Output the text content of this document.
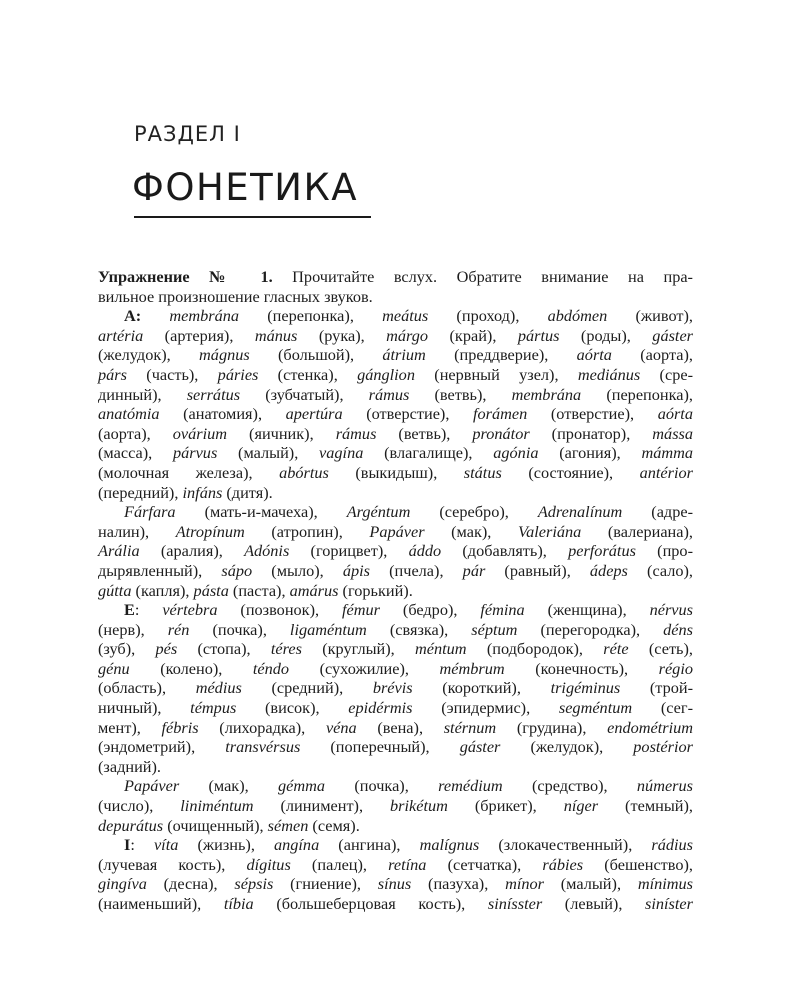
РАЗДЕЛ I
ФОНЕТИКА
Упражнение № 1. Прочитайте вслух. Обратите внимание на пра-
вильное произношение гласных звуков.
А: membrána (перепонка), meátus (проход), abdómen (живот),
artéria (артерия), mánus (рука), márgo (край), pártus (роды), gáster
(желудок), mágnus (большой), átrium (преддверие), aórta (аорта),
párs (часть), páries (стенка), gánglion (нервный узел), mediánus (сре-
динный), serrátus (зубчатый), rámus (ветвь), membrána (перепонка),
anatómia (анатомия), apertúra (отверстие), forámen (отверстие), aórta
(аорта), ovárium (яичник), rámus (ветвь), pronátor (пронатор), mássa
(масса), párvus (малый), vagína (влагалище), agónia (агония), mámma
(молочная железа), abórtus (выкидыш), státus (состояние), antérior
(передний), infáns (дитя).
Fárfara (мать-и-мачеха), Argéntum (серебро), Adrenalínum (адре-
налин), Atropínum (атропин), Papáver (мак), Valeriána (валериана),
Arália (аралия), Adónis (горицвет), áddo (добавлять), perforátus (про-
дырявленный), sápo (мыло), ápis (пчела), pár (равный), ádeps (сало),
gútta (капля), pásta (паста), amárus (горький).
Е: vértebra (позвонок), fémur (бедро), fémina (женщина), nérvus
(нерв), rén (почка), ligaméntum (связка), séptum (перегородка), déns
(зуб), pés (стопа), téres (круглый), méntum (подбородок), réte (сеть),
génu (колено), téndo (сухожилие), mémbrum (конечность), régio
(область), médius (средний), brévis (короткий), trigéminus (трой-
ничный), témpus (висок), epidérmis (эпидермис), segméntum (сег-
мент), fébris (лихорадка), véna (вена), stérnum (грудина), endométrium
(эндометрий), transvérsus (поперечный), gáster (желудок), postérior
(задний).
Papáver (мак), gémma (почка), remédium (средство), númerus
(число), liniméntum (линимент), brikétum (брикет), níger (темный),
depurátus (очищенный), sémen (семя).
I: víta (жизнь), angína (ангина), malígnus (злокачественный), rádius
(лучевая кость), dígitus (палец), retína (сетчатка), rábies (бешенство),
gingíva (десна), sépsis (гниение), sínus (пазуха), mínor (малый), mínimus
(наименьший), tíbia (большеберцовая кость), sinísster (левый), siníster
